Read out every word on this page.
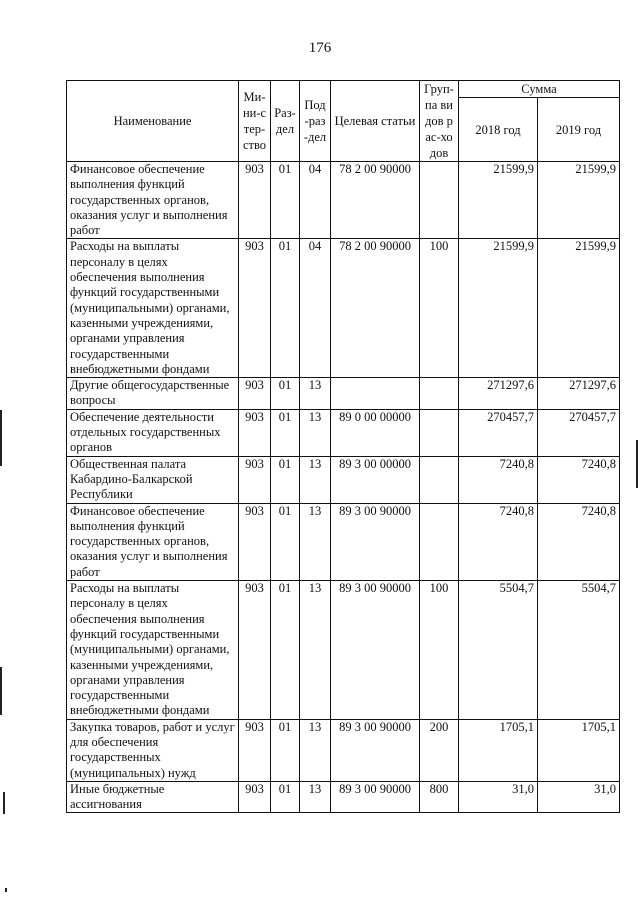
176
Наименование	Ми-ни-стер-ство	Раз-дел	Под-раз-дел	Целевая статьи	Груп-па видов рас-ходов	Сумма	
						2018 год	2019 год
Финансовое обеспечение выполнения функций государственных органов, оказания услуг и выполнения работ	903	01	04	78 2 00 90000		21599,9	21599,9
Расходы на выплаты персоналу в целях обеспечения выполнения функций государственными (муниципальными) органами, казенными учреждениями, органами управления государственными внебюджетными фондами	903	01	04	78 2 00 90000	100	21599,9	21599,9
Другие общегосударственные вопросы	903	01	13			271297,6	271297,6
Обеспечение деятельности отдельных государственных органов	903	01	13	89 0 00 00000		270457,7	270457,7
Общественная палата Кабардино-Балкарской Республики	903	01	13	89 3 00 00000		7240,8	7240,8
Финансовое обеспечение выполнения функций государственных органов, оказания услуг и выполнения работ	903	01	13	89 3 00 90000		7240,8	7240,8
Расходы на выплаты персоналу в целях обеспечения выполнения функций государственными (муниципальными) органами, казенными учреждениями, органами управления государственными внебюджетными фондами	903	01	13	89 3 00 90000	100	5504,7	5504,7
Закупка товаров, работ и услуг для обеспечения государственных (муниципальных) нужд	903	01	13	89 3 00 90000	200	1705,1	1705,1
Иные бюджетные ассигнования	903	01	13	89 3 00 90000	800	31,0	31,0
